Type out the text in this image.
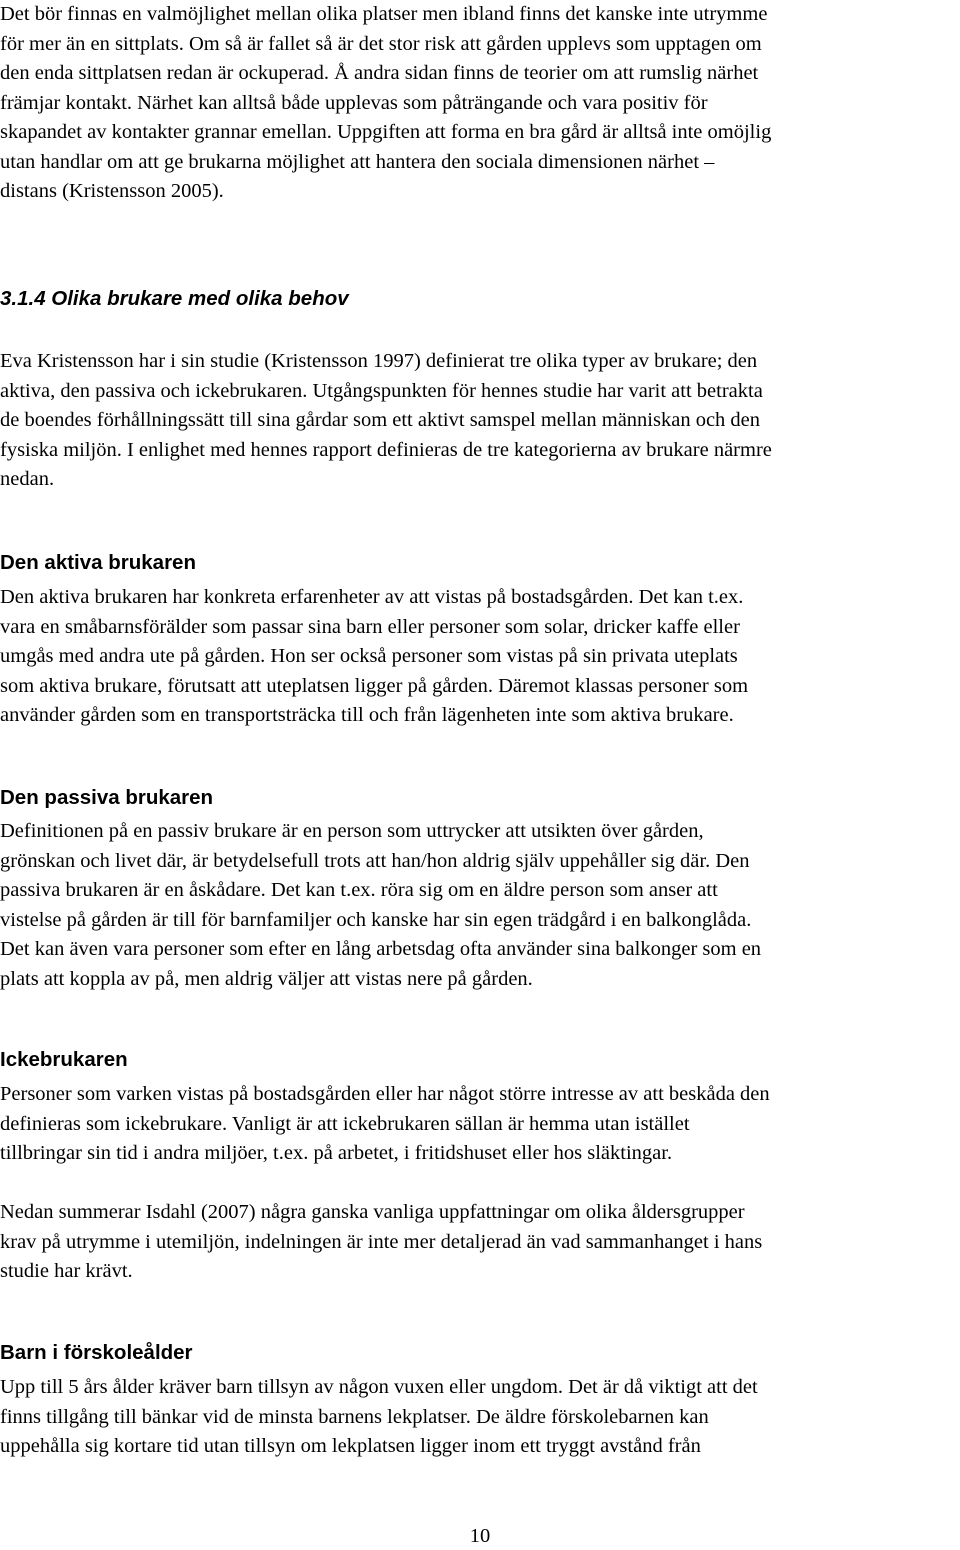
Det bör finnas en valmöjlighet mellan olika platser men ibland finns det kanske inte utrymme
för mer än en sittplats. Om så är fallet så är det stor risk att gården upplevs som upptagen om
den enda sittplatsen redan är ockuperad. Å andra sidan finns de teorier om att rumslig närhet
främjar kontakt. Närhet kan alltså både upplevas som påträngande och vara positiv för
skapandet av kontakter grannar emellan. Uppgiften att forma en bra gård är alltså inte omöjlig
utan handlar om att ge brukarna möjlighet att hantera den sociala dimensionen närhet –
distans (Kristensson 2005).

3.1.4 Olika brukare med olika behov

Eva Kristensson har i sin studie (Kristensson 1997) definierat tre olika typer av brukare; den
aktiva, den passiva och ickebrukaren. Utgångspunkten för hennes studie har varit att betrakta
de boendes förhållningssätt till sina gårdar som ett aktivt samspel mellan människan och den
fysiska miljön. I enlighet med hennes rapport definieras de tre kategorierna av brukare närmre
nedan.

Den aktiva brukaren

Den aktiva brukaren har konkreta erfarenheter av att vistas på bostadsgården. Det kan t.ex.
vara en småbarnsförälder som passar sina barn eller personer som solar, dricker kaffe eller
umgås med andra ute på gården. Hon ser också personer som vistas på sin privata uteplats
som aktiva brukare, förutsatt att uteplatsen ligger på gården. Däremot klassas personer som
använder gården som en transportsträcka till och från lägenheten inte som aktiva brukare.

Den passiva brukaren

Definitionen på en passiv brukare är en person som uttrycker att utsikten över gården,
grönskan och livet där, är betydelsefull trots att han/hon aldrig själv uppehåller sig där. Den
passiva brukaren är en åskådare. Det kan t.ex. röra sig om en äldre person som anser att
vistelse på gården är till för barnfamiljer och kanske har sin egen trädgård i en balkonglåda.
Det kan även vara personer som efter en lång arbetsdag ofta använder sina balkonger som en
plats att koppla av på, men aldrig väljer att vistas nere på gården.

Ickebrukaren

Personer som varken vistas på bostadsgården eller har något större intresse av att beskåda den
definieras som ickebrukare. Vanligt är att ickebrukaren sällan är hemma utan istället
tillbringar sin tid i andra miljöer, t.ex. på arbetet, i fritidshuset eller hos släktingar.

Nedan summerar Isdahl (2007) några ganska vanliga uppfattningar om olika åldersgrupper
krav på utrymme i utemiljön, indelningen är inte mer detaljerad än vad sammanhanget i hans
studie har krävt.

Barn i förskoleålder

Upp till 5 års ålder kräver barn tillsyn av någon vuxen eller ungdom. Det är då viktigt att det
finns tillgång till bänkar vid de minsta barnens lekplatser. De äldre förskolebarnen kan
uppehålla sig kortare tid utan tillsyn om lekplatsen ligger inom ett tryggt avstånd från

10
